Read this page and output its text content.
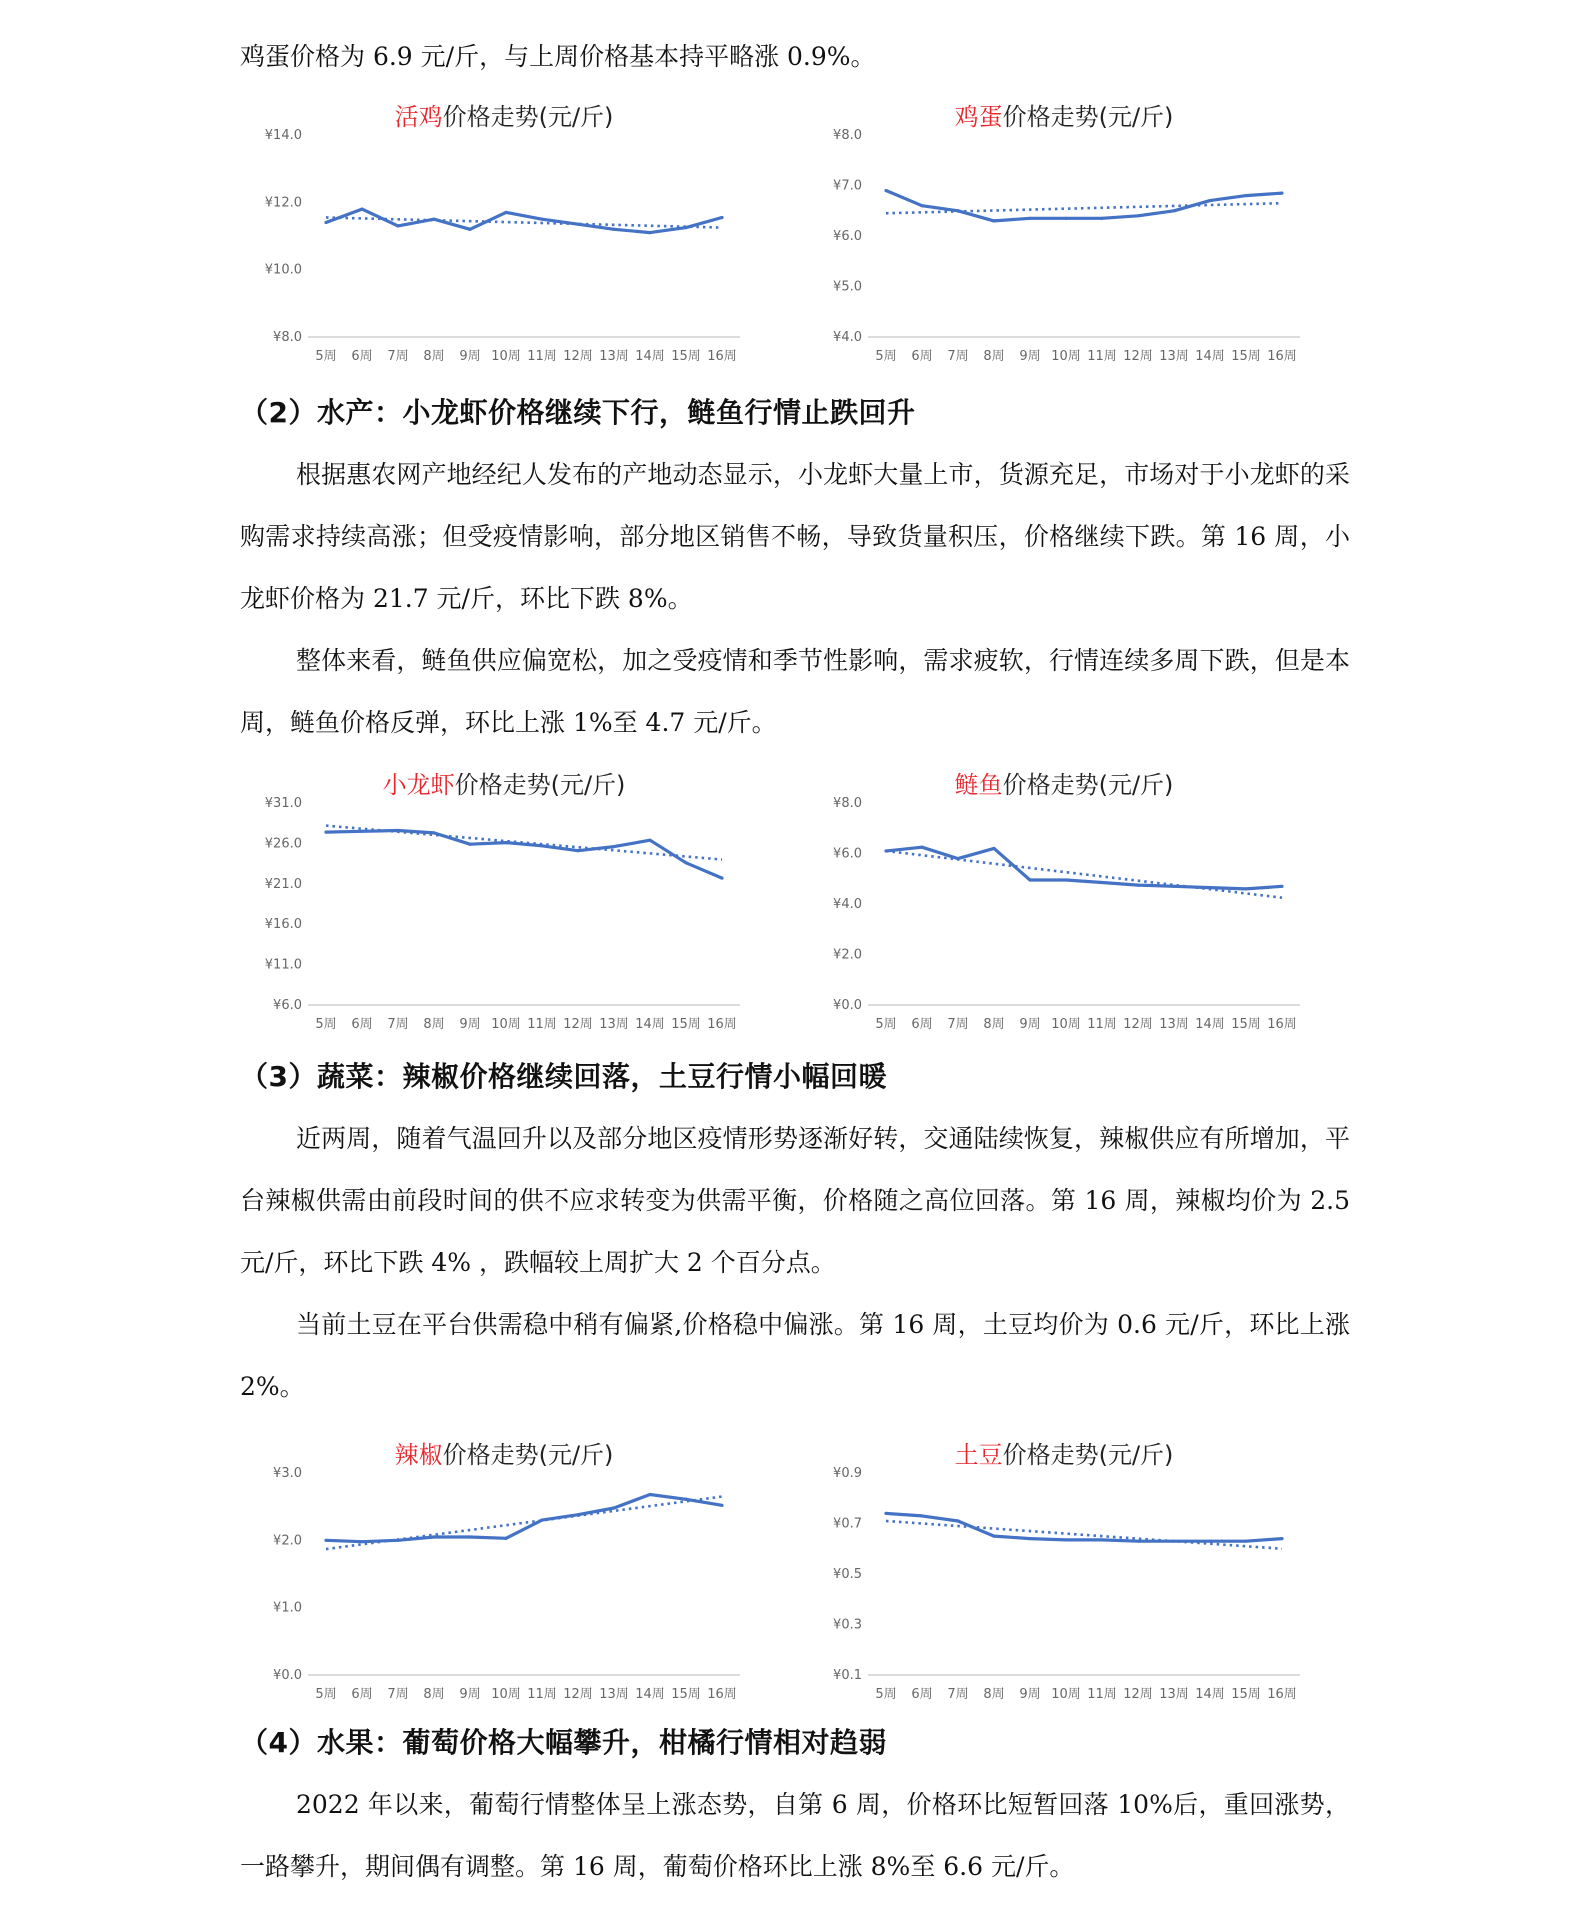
鸡蛋价格为 6.9 元/斤，与上周价格基本持平略涨 0.9%。

（2）水产：小龙虾价格继续下行，鲢鱼行情止跌回升

根据惠农网产地经纪人发布的产地动态显示，小龙虾大量上市，货源充足，市场对于小龙虾的采购需求持续高涨；但受疫情影响，部分地区销售不畅，导致货量积压，价格继续下跌。第 16 周，小龙虾价格为 21.7 元/斤，环比下跌 8%。

整体来看，鲢鱼供应偏宽松，加之受疫情和季节性影响，需求疲软，行情连续多周下跌，但是本周，鲢鱼价格反弹，环比上涨 1%至 4.7 元/斤。

（3）蔬菜：辣椒价格继续回落，土豆行情小幅回暖

近两周，随着气温回升以及部分地区疫情形势逐渐好转，交通陆续恢复，辣椒供应有所增加，平台辣椒供需由前段时间的供不应求转变为供需平衡，价格随之高位回落。第 16 周，辣椒均价为 2.5 元/斤，环比下跌 4% ，跌幅较上周扩大 2 个百分点。

当前土豆在平台供需稳中稍有偏紧,价格稳中偏涨。第 16 周，土豆均价为 0.6 元/斤，环比上涨 2%。

（4）水果：葡萄价格大幅攀升，柑橘行情相对趋弱

2022 年以来，葡萄行情整体呈上涨态势，自第 6 周，价格环比短暂回落 10%后，重回涨势，一路攀升，期间偶有调整。第 16 周，葡萄价格环比上涨 8%至 6.6 元/斤。

活鸡价格走势(元/斤)
¥8.0
¥10.0
¥12.0
¥14.0
5周 6周 7周 8周 9周 10周 11周 12周 13周 14周 15周 16周
鸡蛋价格走势(元/斤)
¥4.0
¥5.0
¥6.0
¥7.0
¥8.0
5周 6周 7周 8周 9周 10周 11周 12周 13周 14周 15周 16周
小龙虾价格走势(元/斤)
¥6.0
¥11.0
¥16.0
¥21.0
¥26.0
¥31.0
5周 6周 7周 8周 9周 10周 11周 12周 13周 14周 15周 16周
鲢鱼价格走势(元/斤)
¥0.0
¥2.0
¥4.0
¥6.0
¥8.0
5周 6周 7周 8周 9周 10周 11周 12周 13周 14周 15周 16周
辣椒价格走势(元/斤)
¥0.0
¥1.0
¥2.0
¥3.0
5周 6周 7周 8周 9周 10周 11周 12周 13周 14周 15周 16周
土豆价格走势(元/斤)
¥0.1
¥0.3
¥0.5
¥0.7
¥0.9
5周 6周 7周 8周 9周 10周 11周 12周 13周 14周 15周 16周
